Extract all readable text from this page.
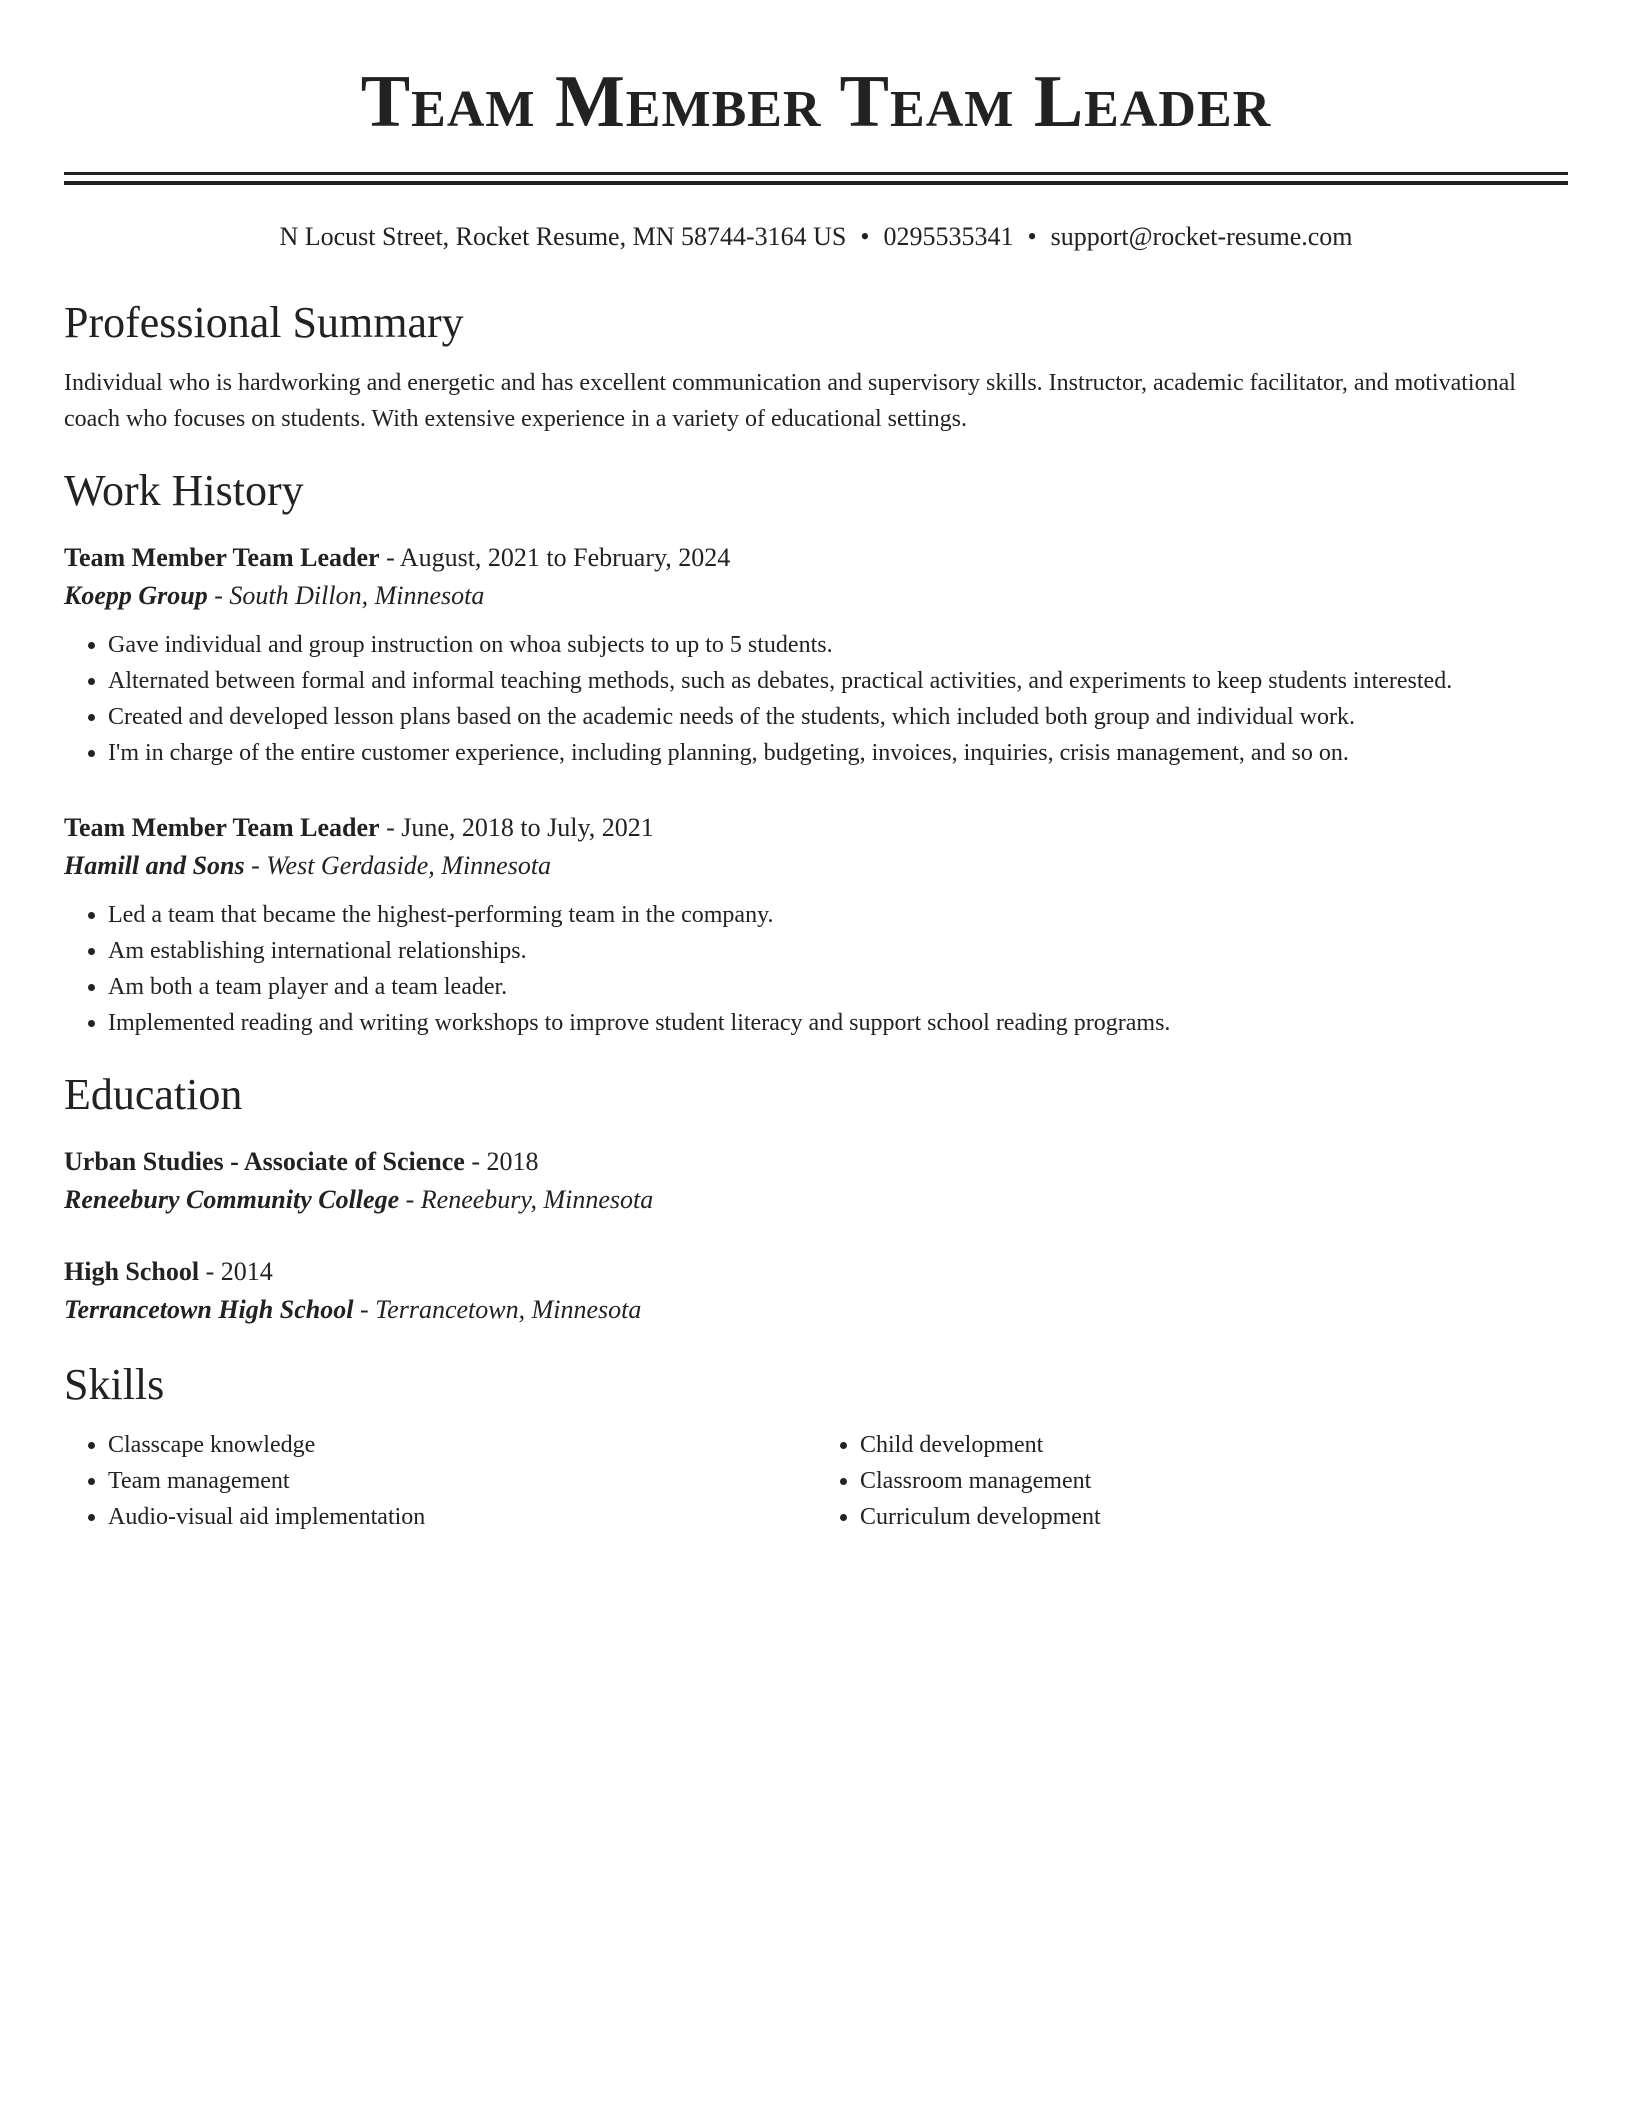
Team Member Team Leader
N Locust Street, Rocket Resume, MN 58744-3164 US • 0295535341 • support@rocket-resume.com
Professional Summary
Individual who is hardworking and energetic and has excellent communication and supervisory skills. Instructor, academic facilitator, and motivational coach who focuses on students. With extensive experience in a variety of educational settings.
Work History
Team Member Team Leader - August, 2021 to February, 2024
Koepp Group - South Dillon, Minnesota
• Gave individual and group instruction on whoa subjects to up to 5 students.
• Alternated between formal and informal teaching methods, such as debates, practical activities, and experiments to keep students interested.
• Created and developed lesson plans based on the academic needs of the students, which included both group and individual work.
• I'm in charge of the entire customer experience, including planning, budgeting, invoices, inquiries, crisis management, and so on.
Team Member Team Leader - June, 2018 to July, 2021
Hamill and Sons - West Gerdaside, Minnesota
• Led a team that became the highest-performing team in the company.
• Am establishing international relationships.
• Am both a team player and a team leader.
• Implemented reading and writing workshops to improve student literacy and support school reading programs.
Education
Urban Studies - Associate of Science - 2018
Reneebury Community College - Reneebury, Minnesota
High School - 2014
Terrancetown High School - Terrancetown, Minnesota
Skills
• Classcape knowledge
• Team management
• Audio-visual aid implementation
• Child development
• Classroom management
• Curriculum development
